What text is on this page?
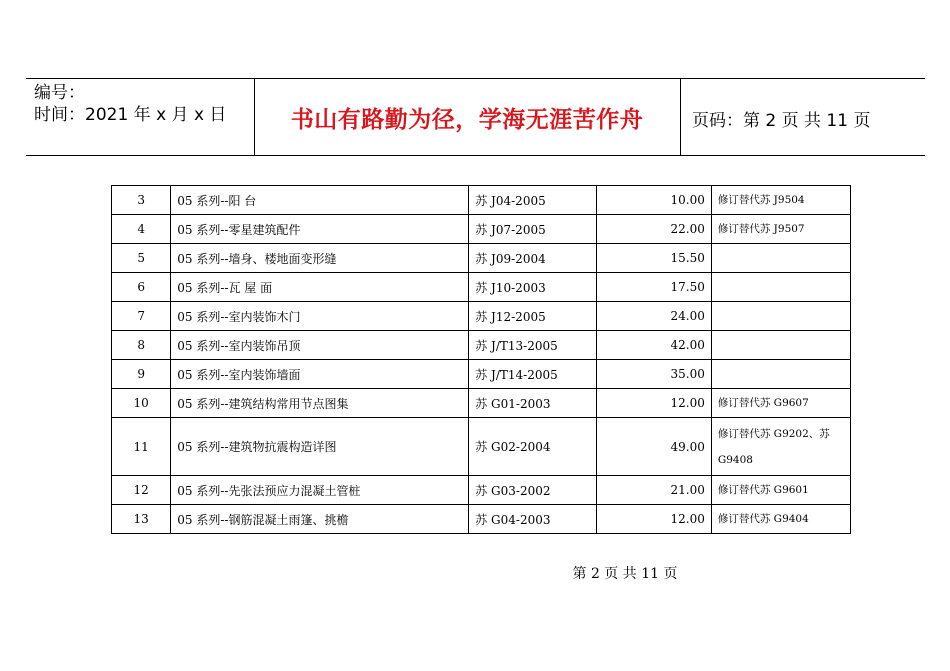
编号：
时间：2021 年 x 月 x 日	书山有路勤为径，学海无涯苦作舟	页码：第 2 页 共 11 页
3	05 系列--阳 台	苏 J04-2005	10.00	修订替代苏 J9504
4	05 系列--零星建筑配件	苏 J07-2005	22.00	修订替代苏 J9507
5	05 系列--墙身、楼地面变形缝	苏 J09-2004	15.50	
6	05 系列--瓦 屋 面	苏 J10-2003	17.50	
7	05 系列--室内装饰木门	苏 J12-2005	24.00	
8	05 系列--室内装饰吊顶	苏 J/T13-2005	42.00	
9	05 系列--室内装饰墙面	苏 J/T14-2005	35.00	
10	05 系列--建筑结构常用节点图集	苏 G01-2003	12.00	修订替代苏 G9607
11	05 系列--建筑物抗震构造详图	苏 G02-2004	49.00	修订替代苏 G9202、苏 G9408
12	05 系列--先张法预应力混凝土管桩	苏 G03-2002	21.00	修订替代苏 G9601
13	05 系列--钢筋混凝土雨篷、挑檐	苏 G04-2003	12.00	修订替代苏 G9404
第 2 页 共 11 页
